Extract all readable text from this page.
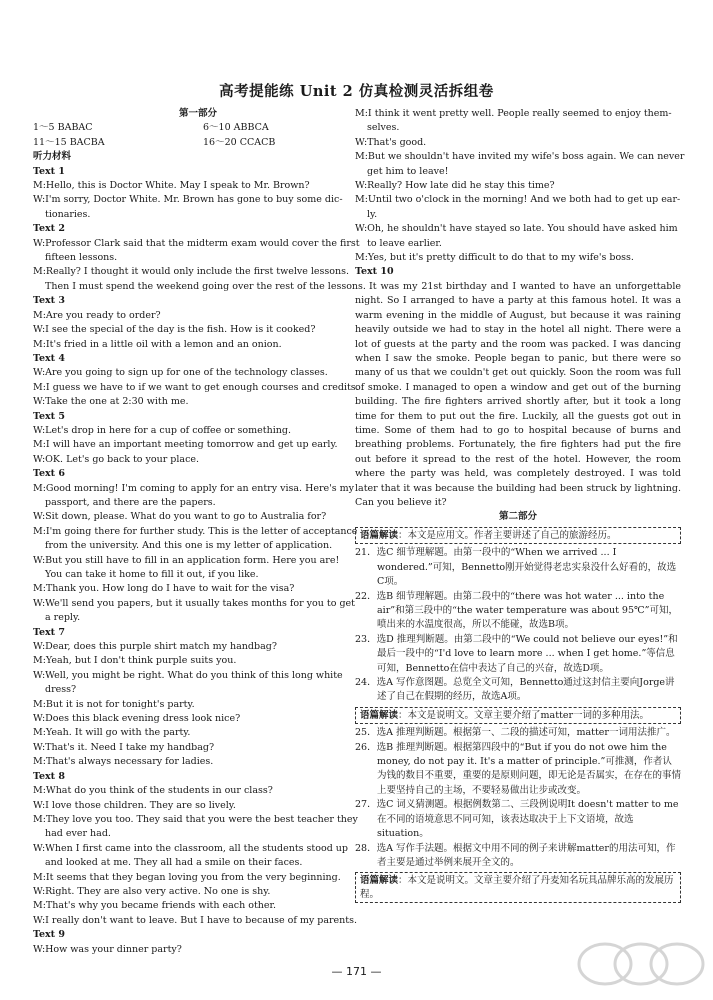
高考提能练 Unit 2 仿真检测灵活拆组卷
第一部分
1～5 BABAC	6～10 ABBCA
11～15 BACBA	16～20 CCACB
听力材料
Text 1
M:Hello, this is Doctor White. May I speak to Mr. Brown?
W:I'm sorry, Doctor White. Mr. Brown has gone to buy some dic-
tionaries.
Text 2
W:Professor Clark said that the midterm exam would cover the first
fifteen lessons.
M:Really? I thought it would only include the first twelve lessons.
Then I must spend the weekend going over the rest of the lessons.
Text 3
M:Are you ready to order?
W:I see the special of the day is the fish. How is it cooked?
M:It's fried in a little oil with a lemon and an onion.
Text 4
W:Are you going to sign up for one of the technology classes.
M:I guess we have to if we want to get enough courses and credits.
W:Take the one at 2:30 with me.
Text 5
W:Let's drop in here for a cup of coffee or something.
M:I will have an important meeting tomorrow and get up early.
W:OK. Let's go back to your place.
Text 6
M:Good morning! I'm coming to apply for an entry visa. Here's my
passport, and there are the papers.
W:Sit down, please. What do you want to go to Australia for?
M:I'm going there for further study. This is the letter of acceptance
from the university. And this one is my letter of application.
W:But you still have to fill in an application form. Here you are!
You can take it home to fill it out, if you like.
M:Thank you. How long do I have to wait for the visa?
W:We'll send you papers, but it usually takes months for you to get
a reply.
Text 7
W:Dear, does this purple shirt match my handbag?
M:Yeah, but I don't think purple suits you.
W:Well, you might be right. What do you think of this long white
dress?
M:But it is not for tonight's party.
W:Does this black evening dress look nice?
M:Yeah. It will go with the party.
W:That's it. Need I take my handbag?
M:That's always necessary for ladies.
Text 8
M:What do you think of the students in our class?
W:I love those children. They are so lively.
M:They love you too. They said that you were the best teacher they
had ever had.
W:When I first came into the classroom, all the students stood up
and looked at me. They all had a smile on their faces.
M:It seems that they began loving you from the very beginning.
W:Right. They are also very active. No one is shy.
M:That's why you became friends with each other.
W:I really don't want to leave. But I have to because of my parents.
Text 9
W:How was your dinner party?
M:I think it went pretty well. People really seemed to enjoy them-
selves.
W:That's good.
M:But we shouldn't have invited my wife's boss again. We can never
get him to leave!
W:Really? How late did he stay this time?
M:Until two o'clock in the morning! And we both had to get up ear-
ly.
W:Oh, he shouldn't have stayed so late. You should have asked him
to leave earlier.
M:Yes, but it's pretty difficult to do that to my wife's boss.
Text 10
It was my 21st birthday and I wanted to have an unforgettable night. So I arranged to have a party at this famous hotel. It was a warm evening in the middle of August, but because it was raining heavily outside we had to stay in the hotel all night. There were a lot of guests at the party and the room was packed. I was dancing when I saw the smoke. People began to panic, but there were so many of us that we couldn't get out quickly. Soon the room was full of smoke. I managed to open a window and get out of the burning building. The fire fighters arrived shortly after, but it took a long time for them to put out the fire. Luckily, all the guests got out in time. Some of them had to go to hospital because of burns and breathing problems. Fortunately, the fire fighters had put the fire out before it spread to the rest of the hotel. However, the room where the party was held, was completely destroyed. I was told later that it was because the building had been struck by lightning. Can you believe it?
第二部分
语篇解读：本文是应用文。作者主要讲述了自己的旅游经历。
21．选C 细节理解题。由第一段中的“When we arrived ... I wondered.”可知，Bennetto刚开始觉得老忠实泉没什么好看的，故选C项。
22．选B 细节理解题。由第二段中的“there was hot water ... into the air”和第三段中的“the water temperature was about 95℃”可知，喷出来的水温度很高，所以不能碰，故选B项。
23．选D 推理判断题。由第二段中的“We could not believe our eyes!”和最后一段中的“I'd love to learn more ... when I get home.”等信息可知，Bennetto在信中表达了自己的兴奋，故选D项。
24．选A 写作意图题。总览全文可知，Bennetto通过这封信主要向Jorge讲述了自己在假期的经历，故选A项。
语篇解读：本文是说明文。文章主要介绍了matter一词的多种用法。
25．选A 推理判断题。根据第一、二段的描述可知，matter一词用法推广。
26．选B 推理判断题。根据第四段中的“But if you do not owe him the money, do not pay it. It's a matter of principle.”可推测，作者认为钱的数目不重要，重要的是原则问题，即无论是否属实，在存在的事情上要坚持自己的主场，不要轻易做出让步或改变。
27．选C 词义猜测题。根据例数第二、三段例说明It doesn't matter to me在不同的语境意思不同可知，该表达取决于上下文语境，故选situation。
28．选A 写作手法题。根据文中用不同的例子来讲解matter的用法可知，作者主要是通过举例来展开全文的。
语篇解读：本文是说明文。文章主要介绍了丹麦知名玩具品牌乐高的发展历程。
— 171 —
